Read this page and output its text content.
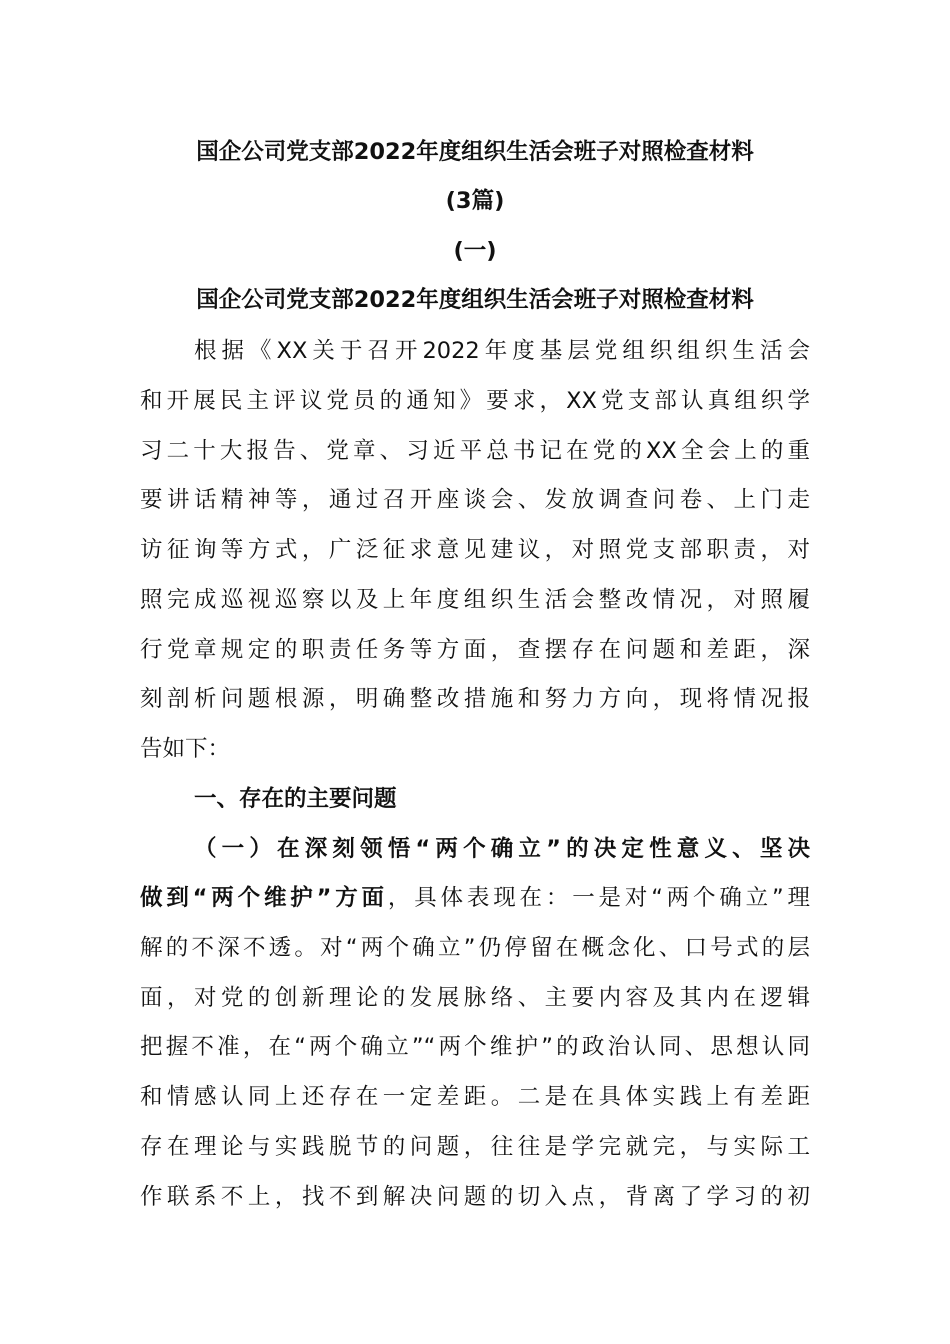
国企公司党支部2022年度组织生活会班子对照检查材料
(3篇)
(一)
国企公司党支部2022年度组织生活会班子对照检查材料
根据《XX关于召开2022年度基层党组织组织生活会
和开展民主评议党员的通知》要求，XX党支部认真组织学
习二十大报告、党章、习近平总书记在党的XX全会上的重
要讲话精神等，通过召开座谈会、发放调查问卷、上门走
访征询等方式，广泛征求意见建议，对照党支部职责，对
照完成巡视巡察以及上年度组织生活会整改情况，对照履
行党章规定的职责任务等方面，查摆存在问题和差距，深
刻剖析问题根源，明确整改措施和努力方向，现将情况报
告如下：
一、存在的主要问题
（一）在深刻领悟“两个确立”的决定性意义、坚决
做到“两个维护”方面，具体表现在：一是对“两个确立”理
解的不深不透。对“两个确立”仍停留在概念化、口号式的层
面，对党的创新理论的发展脉络、主要内容及其内在逻辑
把握不准，在“两个确立”“两个维护”的政治认同、思想认同
和情感认同上还存在一定差距。二是在具体实践上有差距
存在理论与实践脱节的问题，往往是学完就完，与实际工
作联系不上，找不到解决问题的切入点，背离了学习的初
